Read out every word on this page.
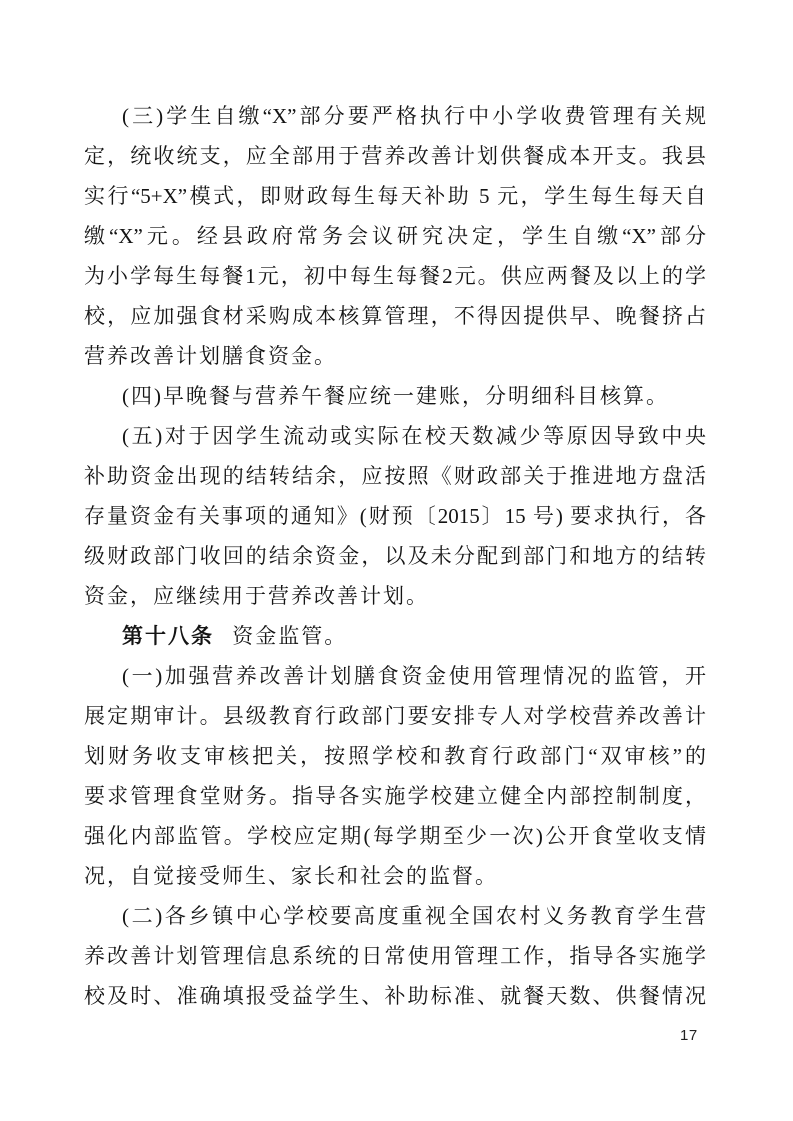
(三)学生自缴“X”部分要严格执行中小学收费管理有关规
定，统收统支，应全部用于营养改善计划供餐成本开支。我县
实行“5+X”模式，即财政每生每天补助 5 元，学生每生每天自
缴“X”元。经县政府常务会议研究决定，学生自缴“X”部分
为小学每生每餐1元，初中每生每餐2元。供应两餐及以上的学
校，应加强食材采购成本核算管理，不得因提供早、晚餐挤占
营养改善计划膳食资金。
(四)早晚餐与营养午餐应统一建账，分明细科目核算。
(五)对于因学生流动或实际在校天数减少等原因导致中央
补助资金出现的结转结余，应按照《财政部关于推进地方盘活
存量资金有关事项的通知》(财预〔2015〕15 号) 要求执行，各
级财政部门收回的结余资金，以及未分配到部门和地方的结转
资金，应继续用于营养改善计划。
第十八条 资金监管。
(一)加强营养改善计划膳食资金使用管理情况的监管，开
展定期审计。县级教育行政部门要安排专人对学校营养改善计
划财务收支审核把关，按照学校和教育行政部门“双审核”的
要求管理食堂财务。指导各实施学校建立健全内部控制制度，
强化内部监管。学校应定期(每学期至少一次)公开食堂收支情
况，自觉接受师生、家长和社会的监督。
(二)各乡镇中心学校要高度重视全国农村义务教育学生营
养改善计划管理信息系统的日常使用管理工作，指导各实施学
校及时、准确填报受益学生、补助标准、就餐天数、供餐情况
17
